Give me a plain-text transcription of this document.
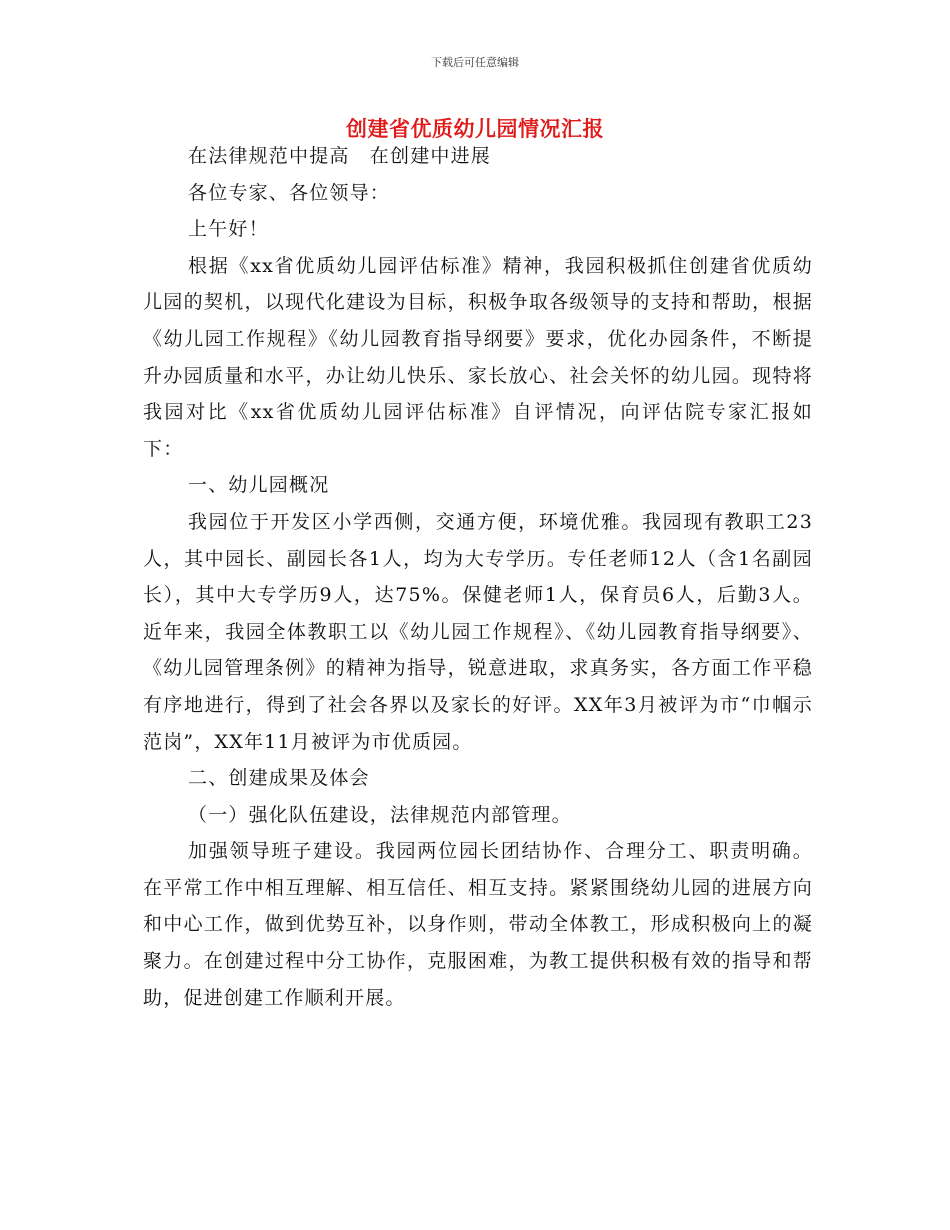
下载后可任意编辑
创建省优质幼儿园情况汇报

在法律规范中提高　在创建中进展

各位专家、各位领导：

上午好！

根据《xx省优质幼儿园评估标准》精神，我园积极抓住创建省优质幼儿园的契机，以现代化建设为目标，积极争取各级领导的支持和帮助，根据《幼儿园工作规程》《幼儿园教育指导纲要》要求，优化办园条件，不断提升办园质量和水平，办让幼儿快乐、家长放心、社会关怀的幼儿园。现特将我园对比《xx省优质幼儿园评估标准》自评情况，向评估院专家汇报如下：

一、幼儿园概况

我园位于开发区小学西侧，交通方便，环境优雅。我园现有教职工23人，其中园长、副园长各1人，均为大专学历。专任老师12人（含1名副园长），其中大专学历9人，达75%。保健老师1人，保育员6人，后勤3人。近年来，我园全体教职工以《幼儿园工作规程》、《幼儿园教育指导纲要》、《幼儿园管理条例》的精神为指导，锐意进取，求真务实，各方面工作平稳有序地进行，得到了社会各界以及家长的好评。XX年3月被评为市“巾帼示范岗”，XX年11月被评为市优质园。

二、创建成果及体会

（一）强化队伍建设，法律规范内部管理。

加强领导班子建设。我园两位园长团结协作、合理分工、职责明确。在平常工作中相互理解、相互信任、相互支持。紧紧围绕幼儿园的进展方向和中心工作，做到优势互补，以身作则，带动全体教工，形成积极向上的凝聚力。在创建过程中分工协作，克服困难，为教工提供积极有效的指导和帮助，促进创建工作顺利开展。
